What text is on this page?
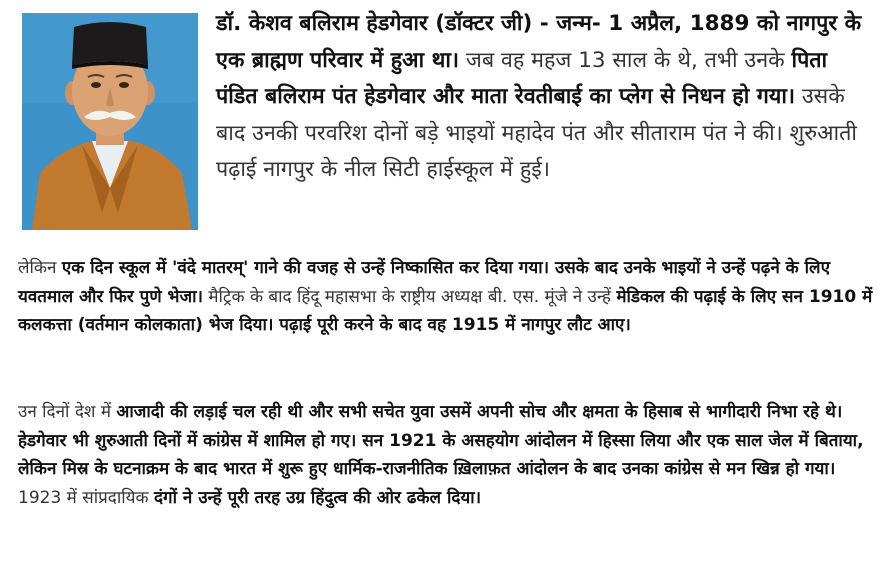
डॉ. केशव बलिराम हेडगेवार (डॉक्टर जी) - जन्म- 1 अप्रैल, 1889 को नागपुर के एक ब्राह्मण परिवार में हुआ था। जब वह महज 13 साल के थे, तभी उनके पिता पंडित बलिराम पंत हेडगेवार और माता रेवतीबाई का प्लेग से निधन हो गया। उसके बाद उनकी परवरिश दोनों बड़े भाइयों महादेव पंत और सीताराम पंत ने की। शुरुआती पढ़ाई नागपुर के नील सिटी हाईस्कूल में हुई।
लेकिन एक दिन स्कूल में 'वंदे मातरम्' गाने की वजह से उन्हें निष्कासित कर दिया गया। उसके बाद उनके भाइयों ने उन्हें पढ़ने के लिए यवतमाल और फिर पुणे भेजा। मैट्रिक के बाद हिंदू महासभा के राष्ट्रीय अध्यक्ष बी. एस. मूंजे ने उन्हें मेडिकल की पढ़ाई के लिए सन 1910 में कलकत्ता (वर्तमान कोलकाता) भेज दिया। पढ़ाई पूरी करने के बाद वह 1915 में नागपुर लौट आए।
उन दिनों देश में आजादी की लड़ाई चल रही थी और सभी सचेत युवा उसमें अपनी सोच और क्षमता के हिसाब से भागीदारी निभा रहे थे। हेडगेवार भी शुरुआती दिनों में कांग्रेस में शामिल हो गए। सन 1921 के असहयोग आंदोलन में हिस्सा लिया और एक साल जेल में बिताया, लेकिन मिस्र के घटनाक्रम के बाद भारत में शुरू हुए धार्मिक-राजनीतिक ख़िलाफ़त आंदोलन के बाद उनका कांग्रेस से मन खिन्न हो गया। 1923 में सांप्रदायिक दंगों ने उन्हें पूरी तरह उग्र हिंदुत्व की ओर ढकेल दिया।
